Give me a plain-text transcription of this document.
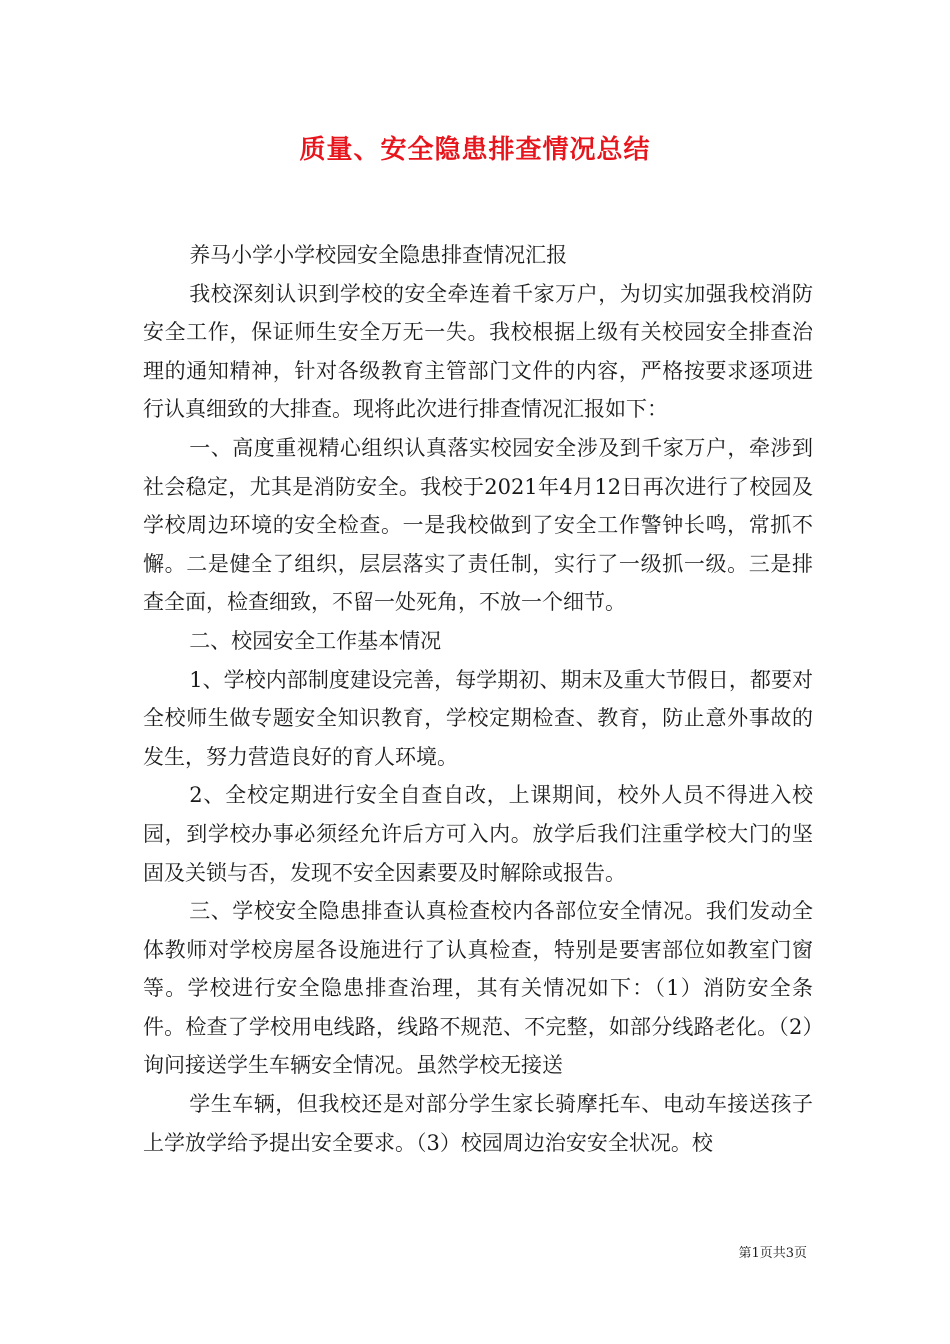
质量、安全隐患排查情况总结

养马小学小学校园安全隐患排查情况汇报

我校深刻认识到学校的安全牵连着千家万户，为切实加强我校消防安全工作，保证师生安全万无一失。我校根据上级有关校园安全排查治理的通知精神，针对各级教育主管部门文件的内容，严格按要求逐项进行认真细致的大排查。现将此次进行排查情况汇报如下：

一、高度重视精心组织认真落实校园安全涉及到千家万户，牵涉到社会稳定，尤其是消防安全。我校于2021年4月12日再次进行了校园及学校周边环境的安全检查。一是我校做到了安全工作警钟长鸣，常抓不懈。二是健全了组织，层层落实了责任制，实行了一级抓一级。三是排查全面，检查细致，不留一处死角，不放一个细节。

二、校园安全工作基本情况

1、学校内部制度建设完善，每学期初、期末及重大节假日，都要对全校师生做专题安全知识教育，学校定期检查、教育，防止意外事故的发生，努力营造良好的育人环境。

2、全校定期进行安全自查自改，上课期间，校外人员不得进入校园，到学校办事必须经允许后方可入内。放学后我们注重学校大门的坚固及关锁与否，发现不安全因素要及时解除或报告。

三、学校安全隐患排查认真检查校内各部位安全情况。我们发动全体教师对学校房屋各设施进行了认真检查，特别是要害部位如教室门窗等。学校进行安全隐患排查治理，其有关情况如下：（1）消防安全条件。检查了学校用电线路，线路不规范、不完整，如部分线路老化。（2）询问接送学生车辆安全情况。虽然学校无接送

学生车辆，但我校还是对部分学生家长骑摩托车、电动车接送孩子上学放学给予提出安全要求。（3）校园周边治安安全状况。校

第1页共3页
